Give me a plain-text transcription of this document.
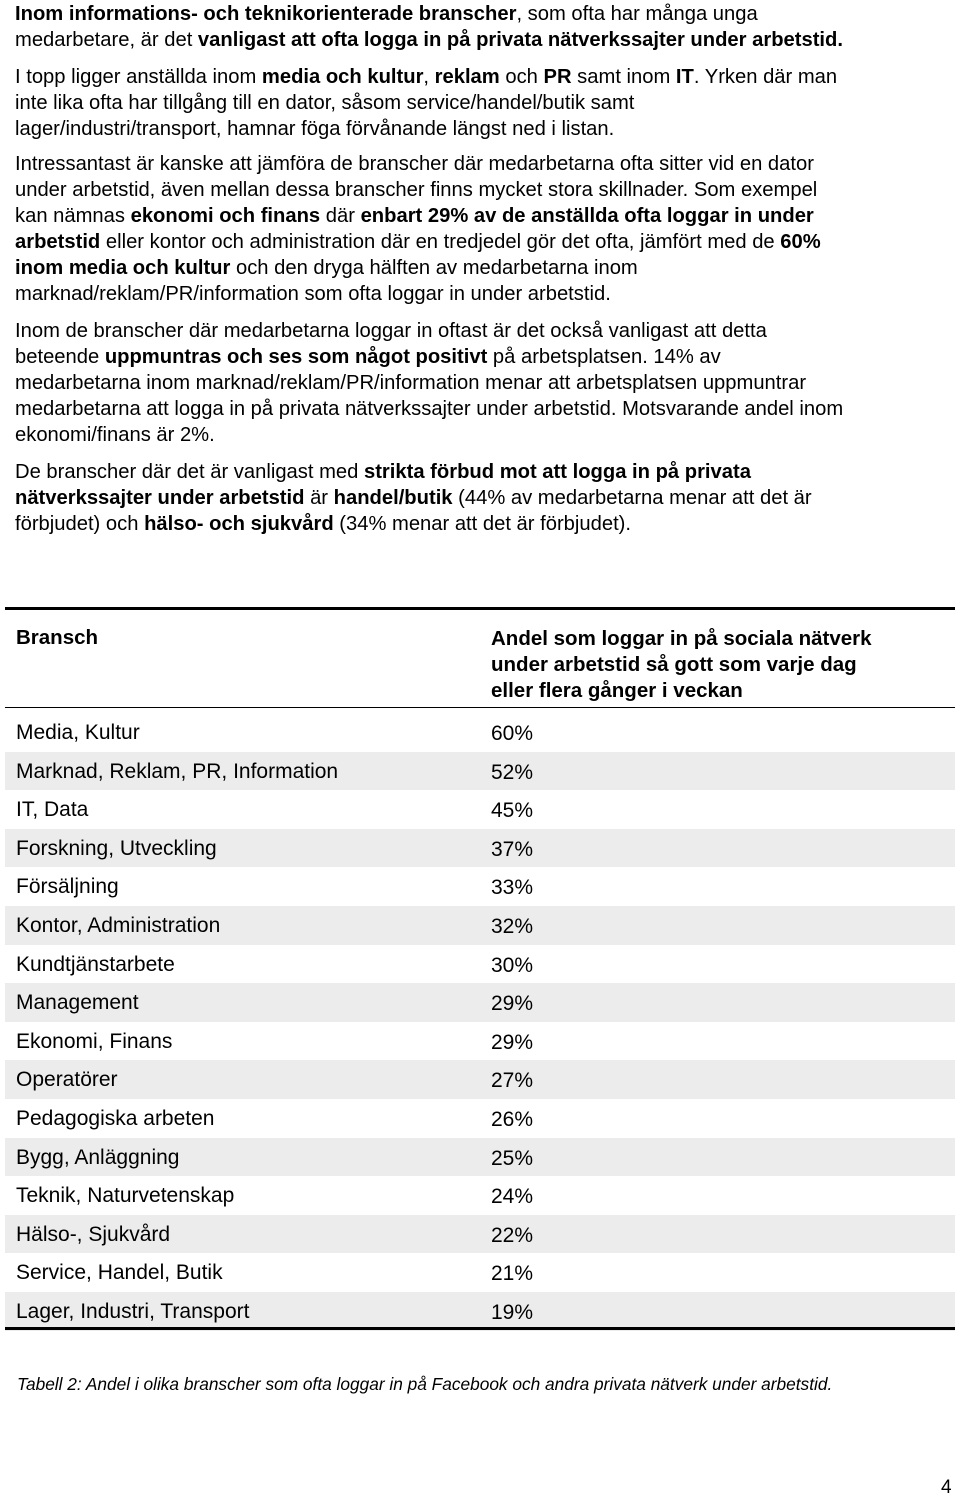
Inom informations- och teknikorienterade branscher, som ofta har många unga
medarbetare, är det vanligast att ofta logga in på privata nätverkssajter under arbetstid.

I topp ligger anställda inom media och kultur, reklam och PR samt inom IT. Yrken där man
inte lika ofta har tillgång till en dator, såsom service/handel/butik samt
lager/industri/transport, hamnar föga förvånande längst ned i listan.

Intressantast är kanske att jämföra de branscher där medarbetarna ofta sitter vid en dator
under arbetstid, även mellan dessa branscher finns mycket stora skillnader. Som exempel
kan nämnas ekonomi och finans där enbart 29% av de anställda ofta loggar in under
arbetstid eller kontor och administration där en tredjedel gör det ofta, jämfört med de 60%
inom media och kultur och den dryga hälften av medarbetarna inom
marknad/reklam/PR/information som ofta loggar in under arbetstid.

Inom de branscher där medarbetarna loggar in oftast är det också vanligast att detta
beteende uppmuntras och ses som något positivt på arbetsplatsen. 14% av
medarbetarna inom marknad/reklam/PR/information menar att arbetsplatsen uppmuntrar
medarbetarna att logga in på privata nätverkssajter under arbetstid. Motsvarande andel inom
ekonomi/finans är 2%.

De branscher där det är vanligast med strikta förbud mot att logga in på privata
nätverkssajter under arbetstid är handel/butik (44% av medarbetarna menar att det är
förbjudet) och hälso- och sjukvård (34% menar att det är förbjudet).

Bransch	Andel som loggar in på sociala nätverk
under arbetstid så gott som varje dag
eller flera gånger i veckan
Media, Kultur	60%
Marknad, Reklam, PR, Information	52%
IT, Data	45%
Forskning, Utveckling	37%
Försäljning	33%
Kontor, Administration	32%
Kundtjänstarbete	30%
Management	29%
Ekonomi, Finans	29%
Operatörer	27%
Pedagogiska arbeten	26%
Bygg, Anläggning	25%
Teknik, Naturvetenskap	24%
Hälso-, Sjukvård	22%
Service, Handel, Butik	21%
Lager, Industri, Transport	19%
Tabell 2: Andel i olika branscher som ofta loggar in på Facebook och andra privata nätverk under arbetstid.
4
